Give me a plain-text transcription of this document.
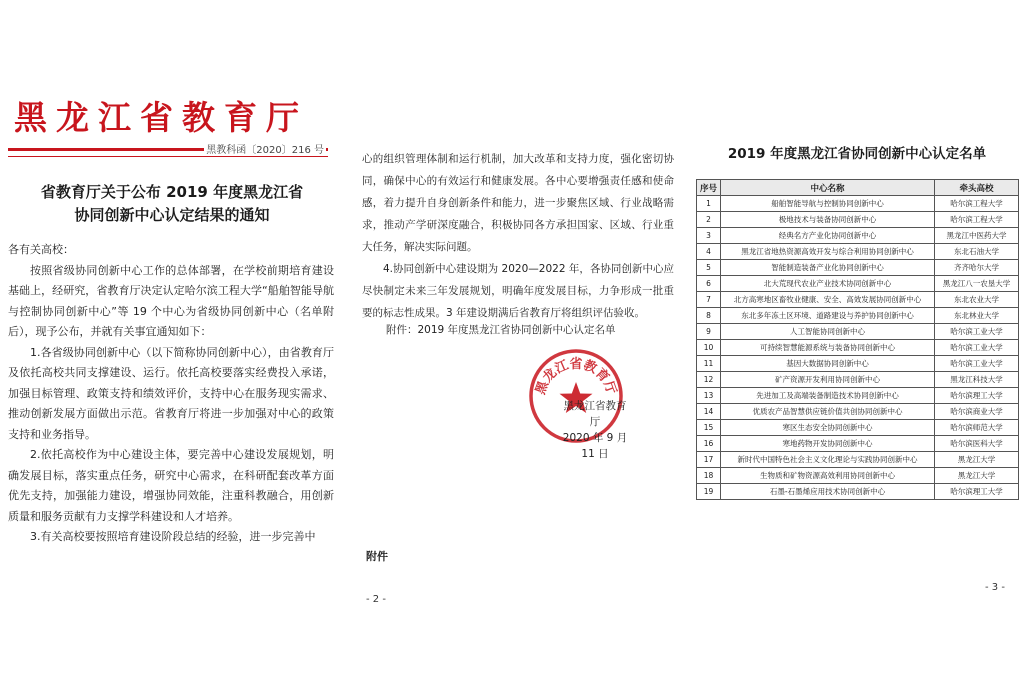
黑龙江省教育厅
黑教科函〔2020〕216 号
省教育厅关于公布 2019 年度黑龙江省
协同创新中心认定结果的通知

各有关高校：

按照省级协同创新中心工作的总体部署，在学校前期培育建设基础上，经研究，省教育厅决定认定哈尔滨工程大学“船舶智能导航与控制协同创新中心”等 19 个中心为省级协同创新中心（名单附后），现予公布，并就有关事宜通知如下：

1.各省级协同创新中心（以下简称协同创新中心），由省教育厅及依托高校共同支撑建设、运行。依托高校要落实经费投入承诺，加强目标管理、政策支持和绩效评价，支持中心在服务现实需求、推动创新发展方面做出示范。省教育厅将进一步加强对中心的政策支持和业务指导。

2.依托高校作为中心建设主体，要完善中心建设发展规划，明确发展目标，落实重点任务，研究中心需求，在科研配套改革方面优先支持，加强能力建设，增强协同效能，注重科教融合，用创新质量和服务贡献有力支撑学科建设和人才培养。

3.有关高校要按照培育建设阶段总结的经验，进一步完善中

心的组织管理体制和运行机制，加大改革和支持力度，强化密切协同，确保中心的有效运行和健康发展。各中心要增强责任感和使命感，着力提升自身创新条件和能力，进一步聚焦区域、行业战略需求，推动产学研深度融合，积极协同各方承担国家、区域、行业重大任务，解决实际问题。

4.协同创新中心建设期为 2020—2022 年，各协同创新中心应尽快制定未来三年发展规划，明确年度发展目标，力争形成一批重要的标志性成果。3 年建设期满后省教育厅将组织评估验收。

附件：2019 年度黑龙江省协同创新中心认定名单
黑龙江省教育厅
黑龙江省教育厅
2020 年 9 月 11 日
附件
- 2 -
2019 年度黑龙江省协同创新中心认定名单
序号	中心名称	牵头高校
1	船舶智能导航与控制协同创新中心	哈尔滨工程大学
2	极地技术与装备协同创新中心	哈尔滨工程大学
3	经典名方产业化协同创新中心	黑龙江中医药大学
4	黑龙江省地热资源高效开发与综合利用协同创新中心	东北石油大学
5	智能制造装备产业化协同创新中心	齐齐哈尔大学
6	北大荒现代农业产业技术协同创新中心	黑龙江八一农垦大学
7	北方高寒地区畜牧业健康、安全、高效发展协同创新中心	东北农业大学
8	东北多年冻土区环境、道路建设与养护协同创新中心	东北林业大学
9	人工智能协同创新中心	哈尔滨工业大学
10	可持续智慧能源系统与装备协同创新中心	哈尔滨工业大学
11	基因大数据协同创新中心	哈尔滨工业大学
12	矿产资源开发利用协同创新中心	黑龙江科技大学
13	先进加工及高端装备制造技术协同创新中心	哈尔滨理工大学
14	优质农产品智慧供应链价值共创协同创新中心	哈尔滨商业大学
15	寒区生态安全协同创新中心	哈尔滨师范大学
16	寒地药物开发协同创新中心	哈尔滨医科大学
17	新时代中国特色社会主义文化理论与实践协同创新中心	黑龙江大学
18	生物质和矿物资源高效利用协同创新中心	黑龙江大学
19	石墨-石墨烯应用技术协同创新中心	哈尔滨理工大学
- 3 -
